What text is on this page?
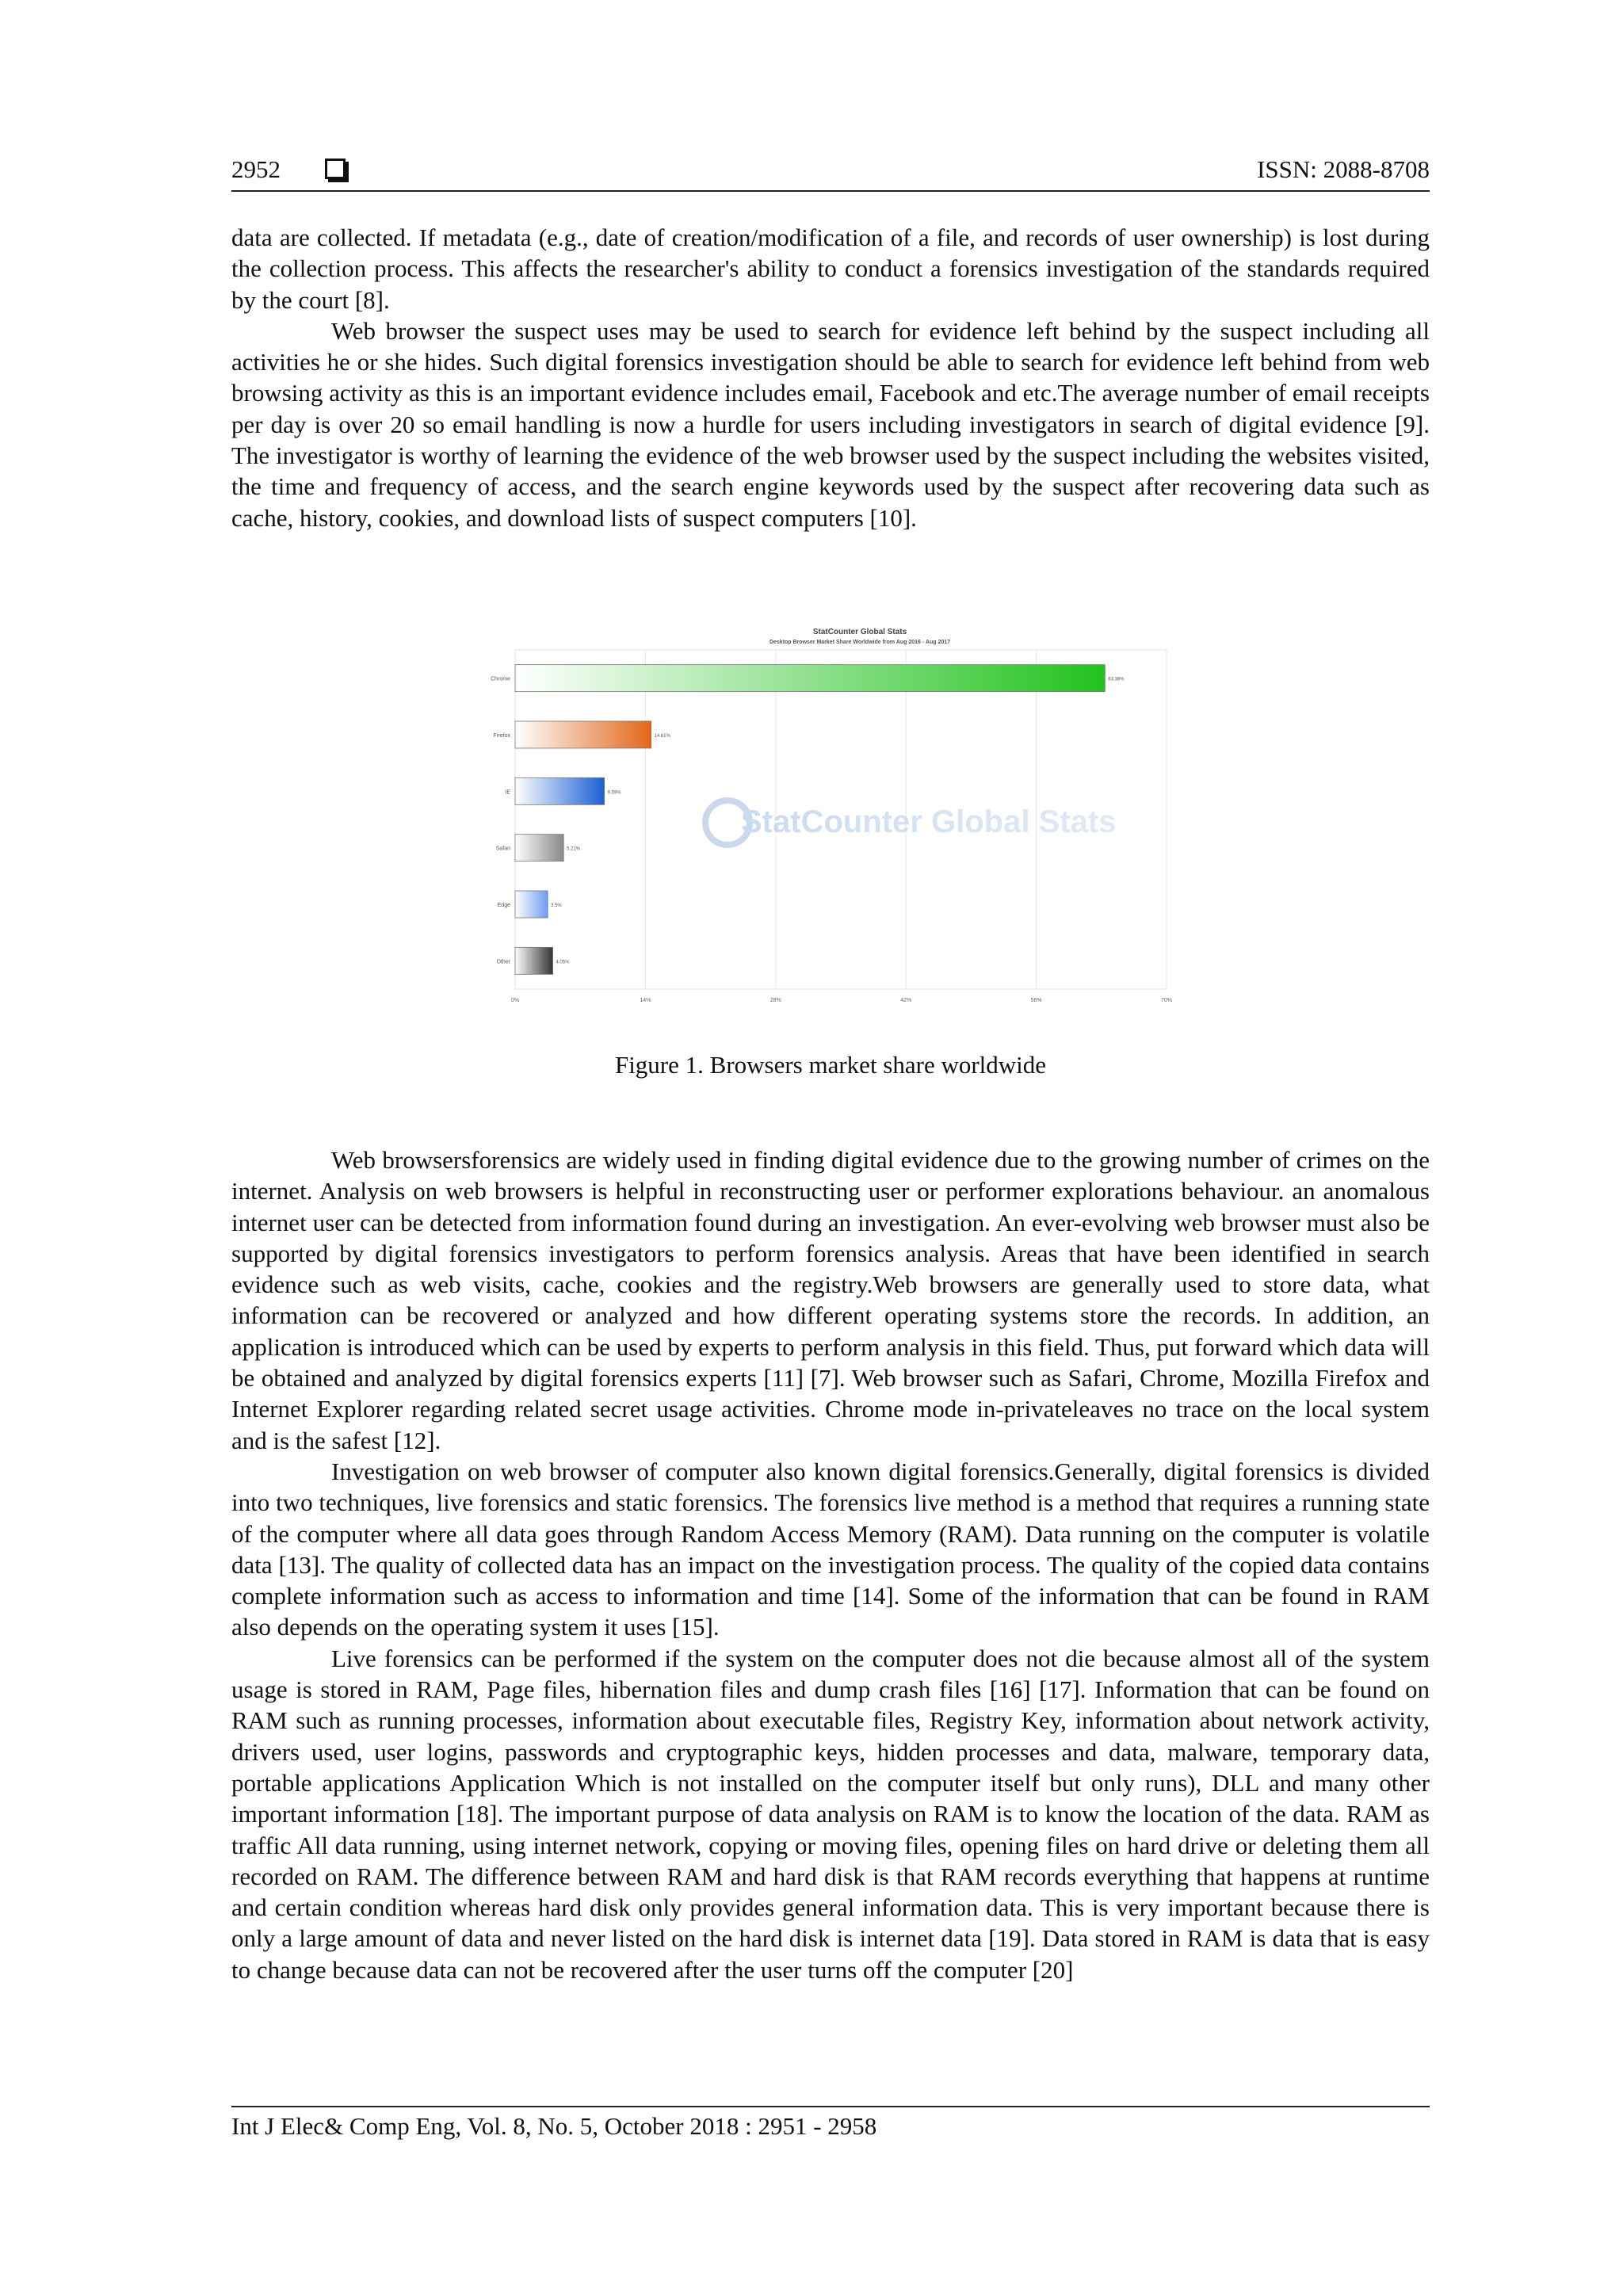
2952	ISSN: 2088-8708

data are collected. If metadata (e.g., date of creation/modification of a file, and records of user ownership) is lost during the collection process. This affects the researcher's ability to conduct a forensics investigation of the standards required by the court [8].

Web browser the suspect uses may be used to search for evidence left behind by the suspect including all activities he or she hides. Such digital forensics investigation should be able to search for evidence left behind from web browsing activity as this is an important evidence includes email, Facebook and etc.The average number of email receipts per day is over 20 so email handling is now a hurdle for users including investigators in search of digital evidence [9]. The investigator is worthy of learning the evidence of the web browser used by the suspect including the websites visited, the time and frequency of access, and the search engine keywords used by the suspect after recovering data such as cache, history, cookies, and download lists of suspect computers [10].

StatCounter Global Stats
Desktop Browser Market Share Worldwide from Aug 2016 - Aug 2017
StatCounter Global Stats
Chrome
Firefox
IE
Safari
Edge
Other
63.38%
14.61%
9.59%
5.21%
3.5%
4.05%
0%	14%	28%	42%	56%	70%
Figure 1. Browsers market share worldwide

Web browsersforensics are widely used in finding digital evidence due to the growing number of crimes on the internet. Analysis on web browsers is helpful in reconstructing user or performer explorations behaviour. an anomalous internet user can be detected from information found during an investigation. An ever-evolving web browser must also be supported by digital forensics investigators to perform forensics analysis. Areas that have been identified in search evidence such as web visits, cache, cookies and the registry.Web browsers are generally used to store data, what information can be recovered or analyzed and how different operating systems store the records. In addition, an application is introduced which can be used by experts to perform analysis in this field. Thus, put forward which data will be obtained and analyzed by digital forensics experts [11] [7]. Web browser such as Safari, Chrome, Mozilla Firefox and Internet Explorer regarding related secret usage activities. Chrome mode in-privateleaves no trace on the local system and is the safest [12].

Investigation on web browser of computer also known digital forensics.Generally, digital forensics is divided into two techniques, live forensics and static forensics. The forensics live method is a method that requires a running state of the computer where all data goes through Random Access Memory (RAM). Data running on the computer is volatile data [13]. The quality of collected data has an impact on the investigation process. The quality of the copied data contains complete information such as access to information and time [14]. Some of the information that can be found in RAM also depends on the operating system it uses [15].

Live forensics can be performed if the system on the computer does not die because almost all of the system usage is stored in RAM, Page files, hibernation files and dump crash files [16] [17]. Information that can be found on RAM such as running processes, information about executable files, Registry Key, information about network activity, drivers used, user logins, passwords and cryptographic keys, hidden processes and data, malware, temporary data, portable applications Application Which is not installed on the computer itself but only runs), DLL and many other important information [18]. The important purpose of data analysis on RAM is to know the location of the data. RAM as traffic All data running, using internet network, copying or moving files, opening files on hard drive or deleting them all recorded on RAM. The difference between RAM and hard disk is that RAM records everything that happens at runtime and certain condition whereas hard disk only provides general information data. This is very important because there is only a large amount of data and never listed on the hard disk is internet data [19]. Data stored in RAM is data that is easy to change because data can not be recovered after the user turns off the computer [20]

Int J Elec& Comp Eng, Vol. 8, No. 5, October 2018 : 2951 - 2958
